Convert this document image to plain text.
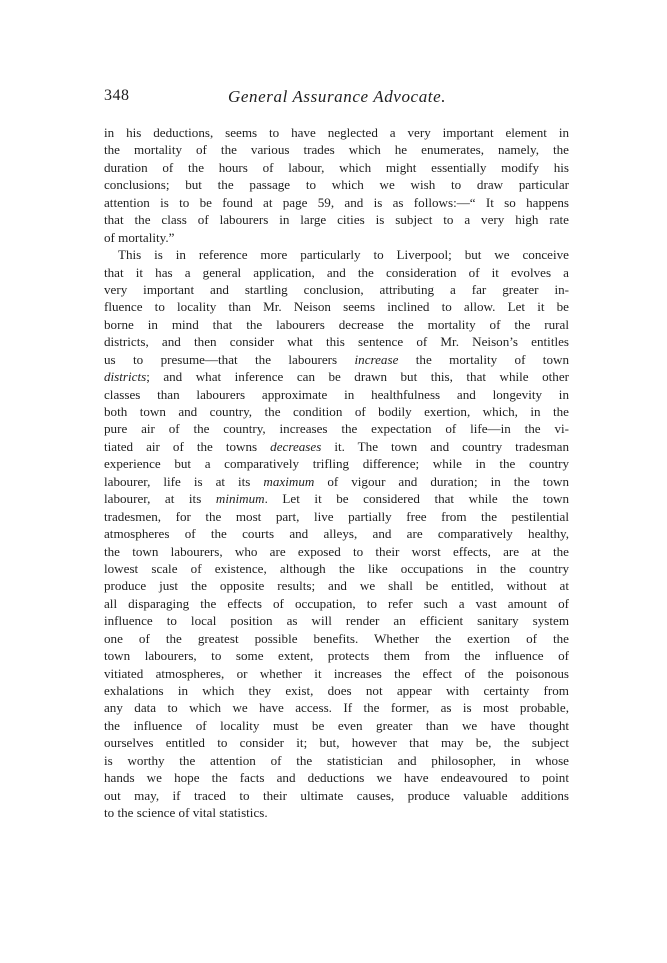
348	General Assurance Advocate.
in his deductions, seems to have neglected a very important element in
the mortality of the various trades which he enumerates, namely, the
duration of the hours of labour, which might essentially modify his
conclusions; but the passage to which we wish to draw particular
attention is to be found at page 59, and is as follows:—“ It so happens
that the class of labourers in large cities is subject to a very high rate
of mortality.”
This is in reference more particularly to Liverpool; but we conceive
that it has a general application, and the consideration of it evolves a
very important and startling conclusion, attributing a far greater in-
fluence to locality than Mr. Neison seems inclined to allow. Let it be
borne in mind that the labourers decrease the mortality of the rural
districts, and then consider what this sentence of Mr. Neison’s entitles
us to presume—that the labourers increase the mortality of town
districts; and what inference can be drawn but this, that while other
classes than labourers approximate in healthfulness and longevity in
both town and country, the condition of bodily exertion, which, in the
pure air of the country, increases the expectation of life—in the vi-
tiated air of the towns decreases it. The town and country tradesman
experience but a comparatively trifling difference; while in the country
labourer, life is at its maximum of vigour and duration; in the town
labourer, at its minimum. Let it be considered that while the town
tradesmen, for the most part, live partially free from the pestilential
atmospheres of the courts and alleys, and are comparatively healthy,
the town labourers, who are exposed to their worst effects, are at the
lowest scale of existence, although the like occupations in the country
produce just the opposite results; and we shall be entitled, without at
all disparaging the effects of occupation, to refer such a vast amount of
influence to local position as will render an efficient sanitary system
one of the greatest possible benefits. Whether the exertion of the
town labourers, to some extent, protects them from the influence of
vitiated atmospheres, or whether it increases the effect of the poisonous
exhalations in which they exist, does not appear with certainty from
any data to which we have access. If the former, as is most probable,
the influence of locality must be even greater than we have thought
ourselves entitled to consider it; but, however that may be, the subject
is worthy the attention of the statistician and philosopher, in whose
hands we hope the facts and deductions we have endeavoured to point
out may, if traced to their ultimate causes, produce valuable additions
to the science of vital statistics.
